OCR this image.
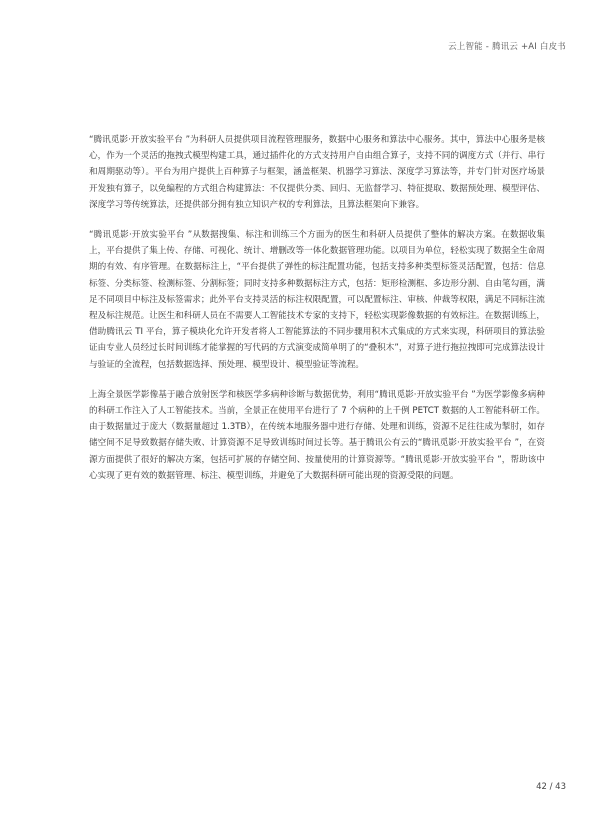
云上智能 - 腾讯云 +AI 白皮书

“腾讯觅影·开放实验平台 ”为科研人员提供项目流程管理服务，数据中心服务和算法中心服务。其中，算法中心服务是核心，作为一个灵活的拖拽式模型构建工具，通过插件化的方式支持用户自由组合算子，支持不同的调度方式（并行、串行和周期驱动等）。平台为用户提供上百种算子与框架，涵盖框架、机器学习算法、深度学习算法等，并专门针对医疗场景开发独有算子，以免编程的方式组合构建算法：不仅提供分类、回归、无监督学习、特征提取、数据预处理、模型评估、深度学习等传统算法，还提供部分拥有独立知识产权的专利算法，且算法框架向下兼容。

“腾讯觅影·开放实验平台 ”从数据搜集、标注和训练三个方面为的医生和科研人员提供了整体的解决方案。在数据收集上，平台提供了集上传、存储、可视化、统计、增删改等一体化数据管理功能。以项目为单位，轻松实现了数据全生命周期的有效、有序管理。在数据标注上，“平台提供了弹性的标注配置功能，包括支持多种类型标签灵活配置，包括：信息标签、分类标签、检测标签、分割标签；同时支持多种数据标注方式，包括：矩形检测框、多边形分割、自由笔勾画，满足不同项目中标注及标签需求；此外平台支持灵活的标注权限配置，可以配置标注、审核、仲裁等权限，满足不同标注流程及标注规范。让医生和科研人员在不需要人工智能技术专家的支持下，轻松实现影像数据的有效标注。在数据训练上，借助腾讯云 TI 平台，算子模块化允许开发者将人工智能算法的不同步骤用积木式集成的方式来实现，科研项目的算法验证由专业人员经过长时间训练才能掌握的写代码的方式演变成简单明了的“叠积木”，对算子进行拖拉拽即可完成算法设计与验证的全流程，包括数据选择、预处理、模型设计、模型验证等流程。

上海全景医学影像基于融合放射医学和核医学多病种诊断与数据优势，利用“腾讯觅影·开放实验平台 ”为医学影像多病种的科研工作注入了人工智能技术。当前，全景正在使用平台进行了 7 个病种的上千例 PETCT 数据的人工智能科研工作。由于数据量过于庞大（数据量超过 1.3TB），在传统本地服务器中进行存储、处理和训练，资源不足往往成为掣肘，如存储空间不足导致数据存储失败、计算资源不足导致训练时间过长等。基于腾讯公有云的“腾讯觅影·开放实验平台 ”，在资源方面提供了很好的解决方案，包括可扩展的存储空间、按量使用的计算资源等。“腾讯觅影·开放实验平台 ”，帮助该中心实现了更有效的数据管理、标注、模型训练，并避免了大数据科研可能出现的资源受限的问题。

42 / 43
